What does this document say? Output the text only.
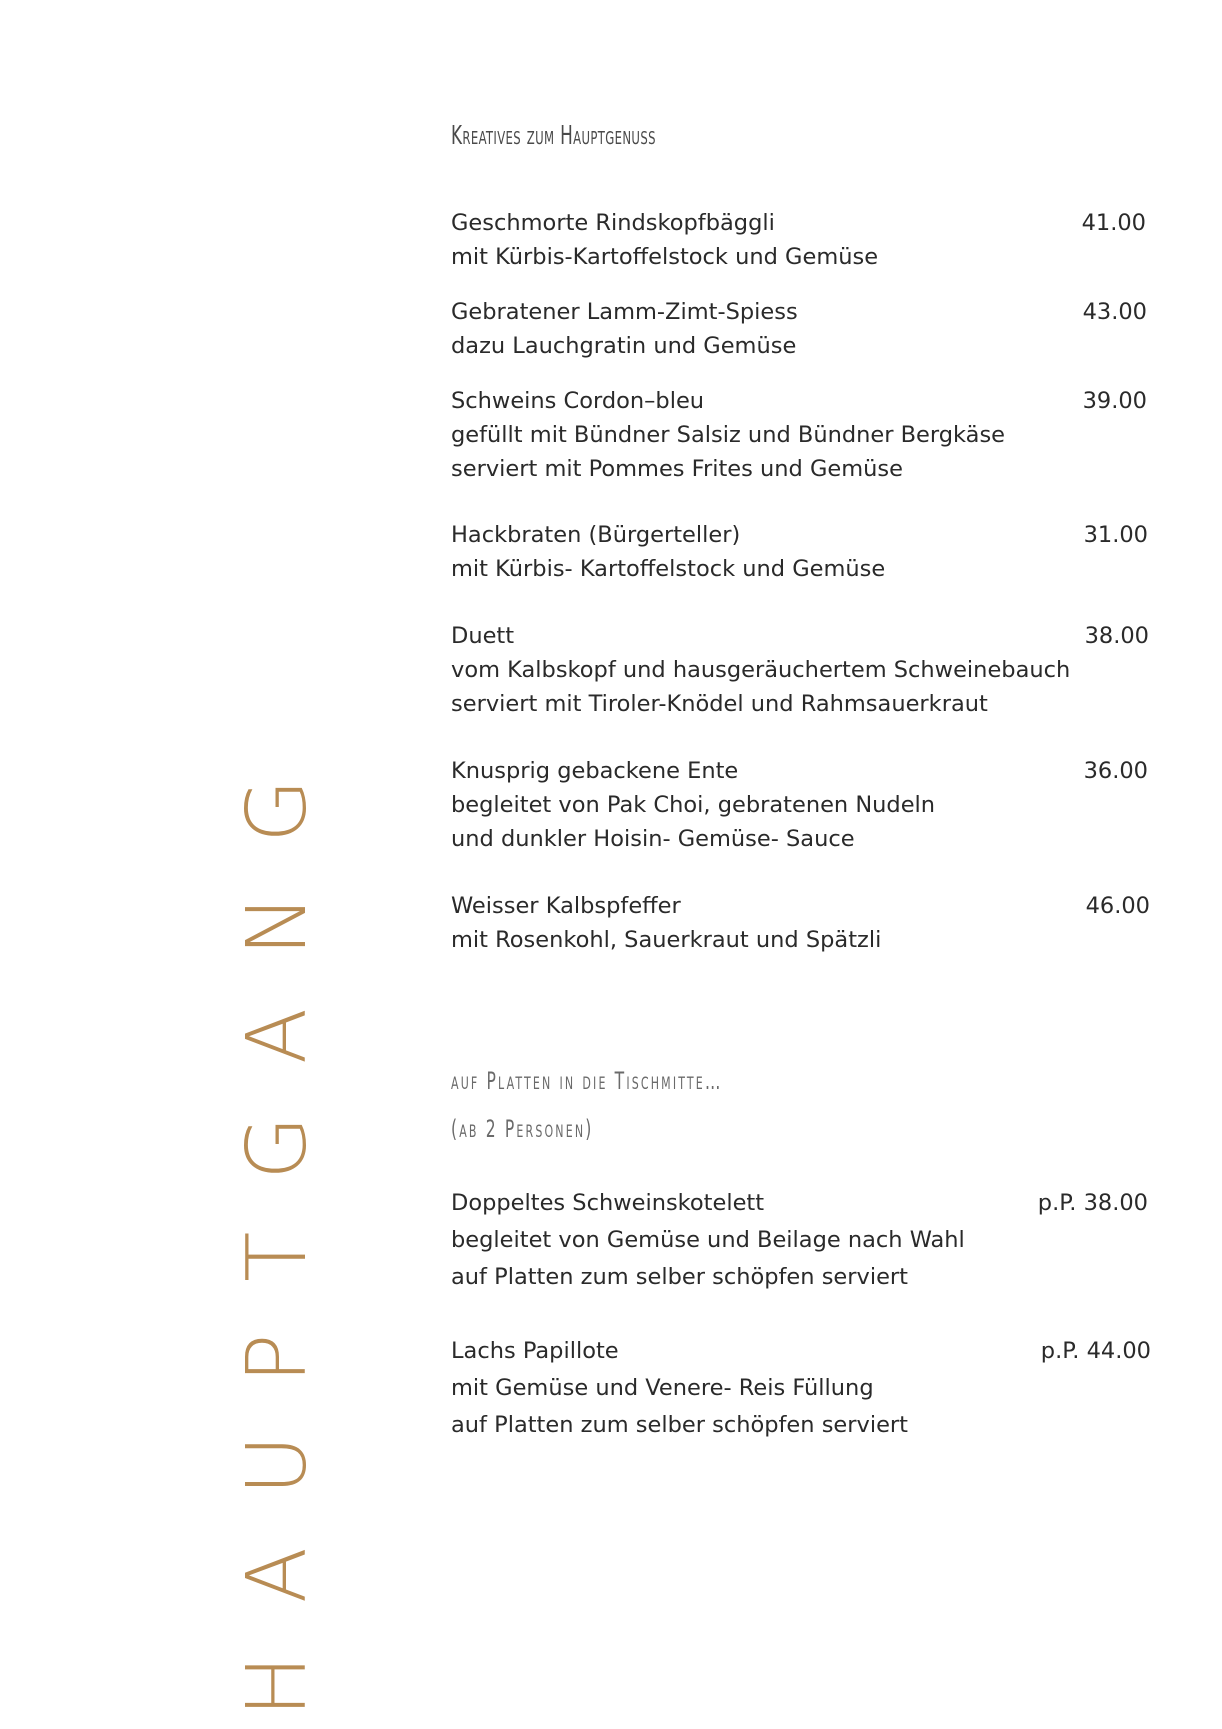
HAUPTGANG
Kreatives zum Hauptgenuss
Geschmorte Rindskopfbäggli	41.00
mit Kürbis-Kartoffelstock und Gemüse
Gebratener Lamm-Zimt-Spiess	43.00
dazu Lauchgratin und Gemüse
Schweins Cordon–bleu	39.00
gefüllt mit Bündner Salsiz und Bündner Bergkäse
serviert mit Pommes Frites und Gemüse
Hackbraten (Bürgerteller)	31.00
mit Kürbis- Kartoffelstock und Gemüse
Duett	38.00
vom Kalbskopf und hausgeräuchertem Schweinebauch
serviert mit Tiroler-Knödel und Rahmsauerkraut
Knusprig gebackene Ente	36.00
begleitet von Pak Choi, gebratenen Nudeln
und dunkler Hoisin- Gemüse- Sauce
Weisser Kalbspfeffer	46.00
mit Rosenkohl, Sauerkraut und Spätzli
auf Platten in die Tischmitte…
(ab 2 Personen)
Doppeltes Schweinskotelett	p.P. 38.00
begleitet von Gemüse und Beilage nach Wahl
auf Platten zum selber schöpfen serviert
Lachs Papillote	p.P. 44.00
mit Gemüse und Venere- Reis Füllung
auf Platten zum selber schöpfen serviert
